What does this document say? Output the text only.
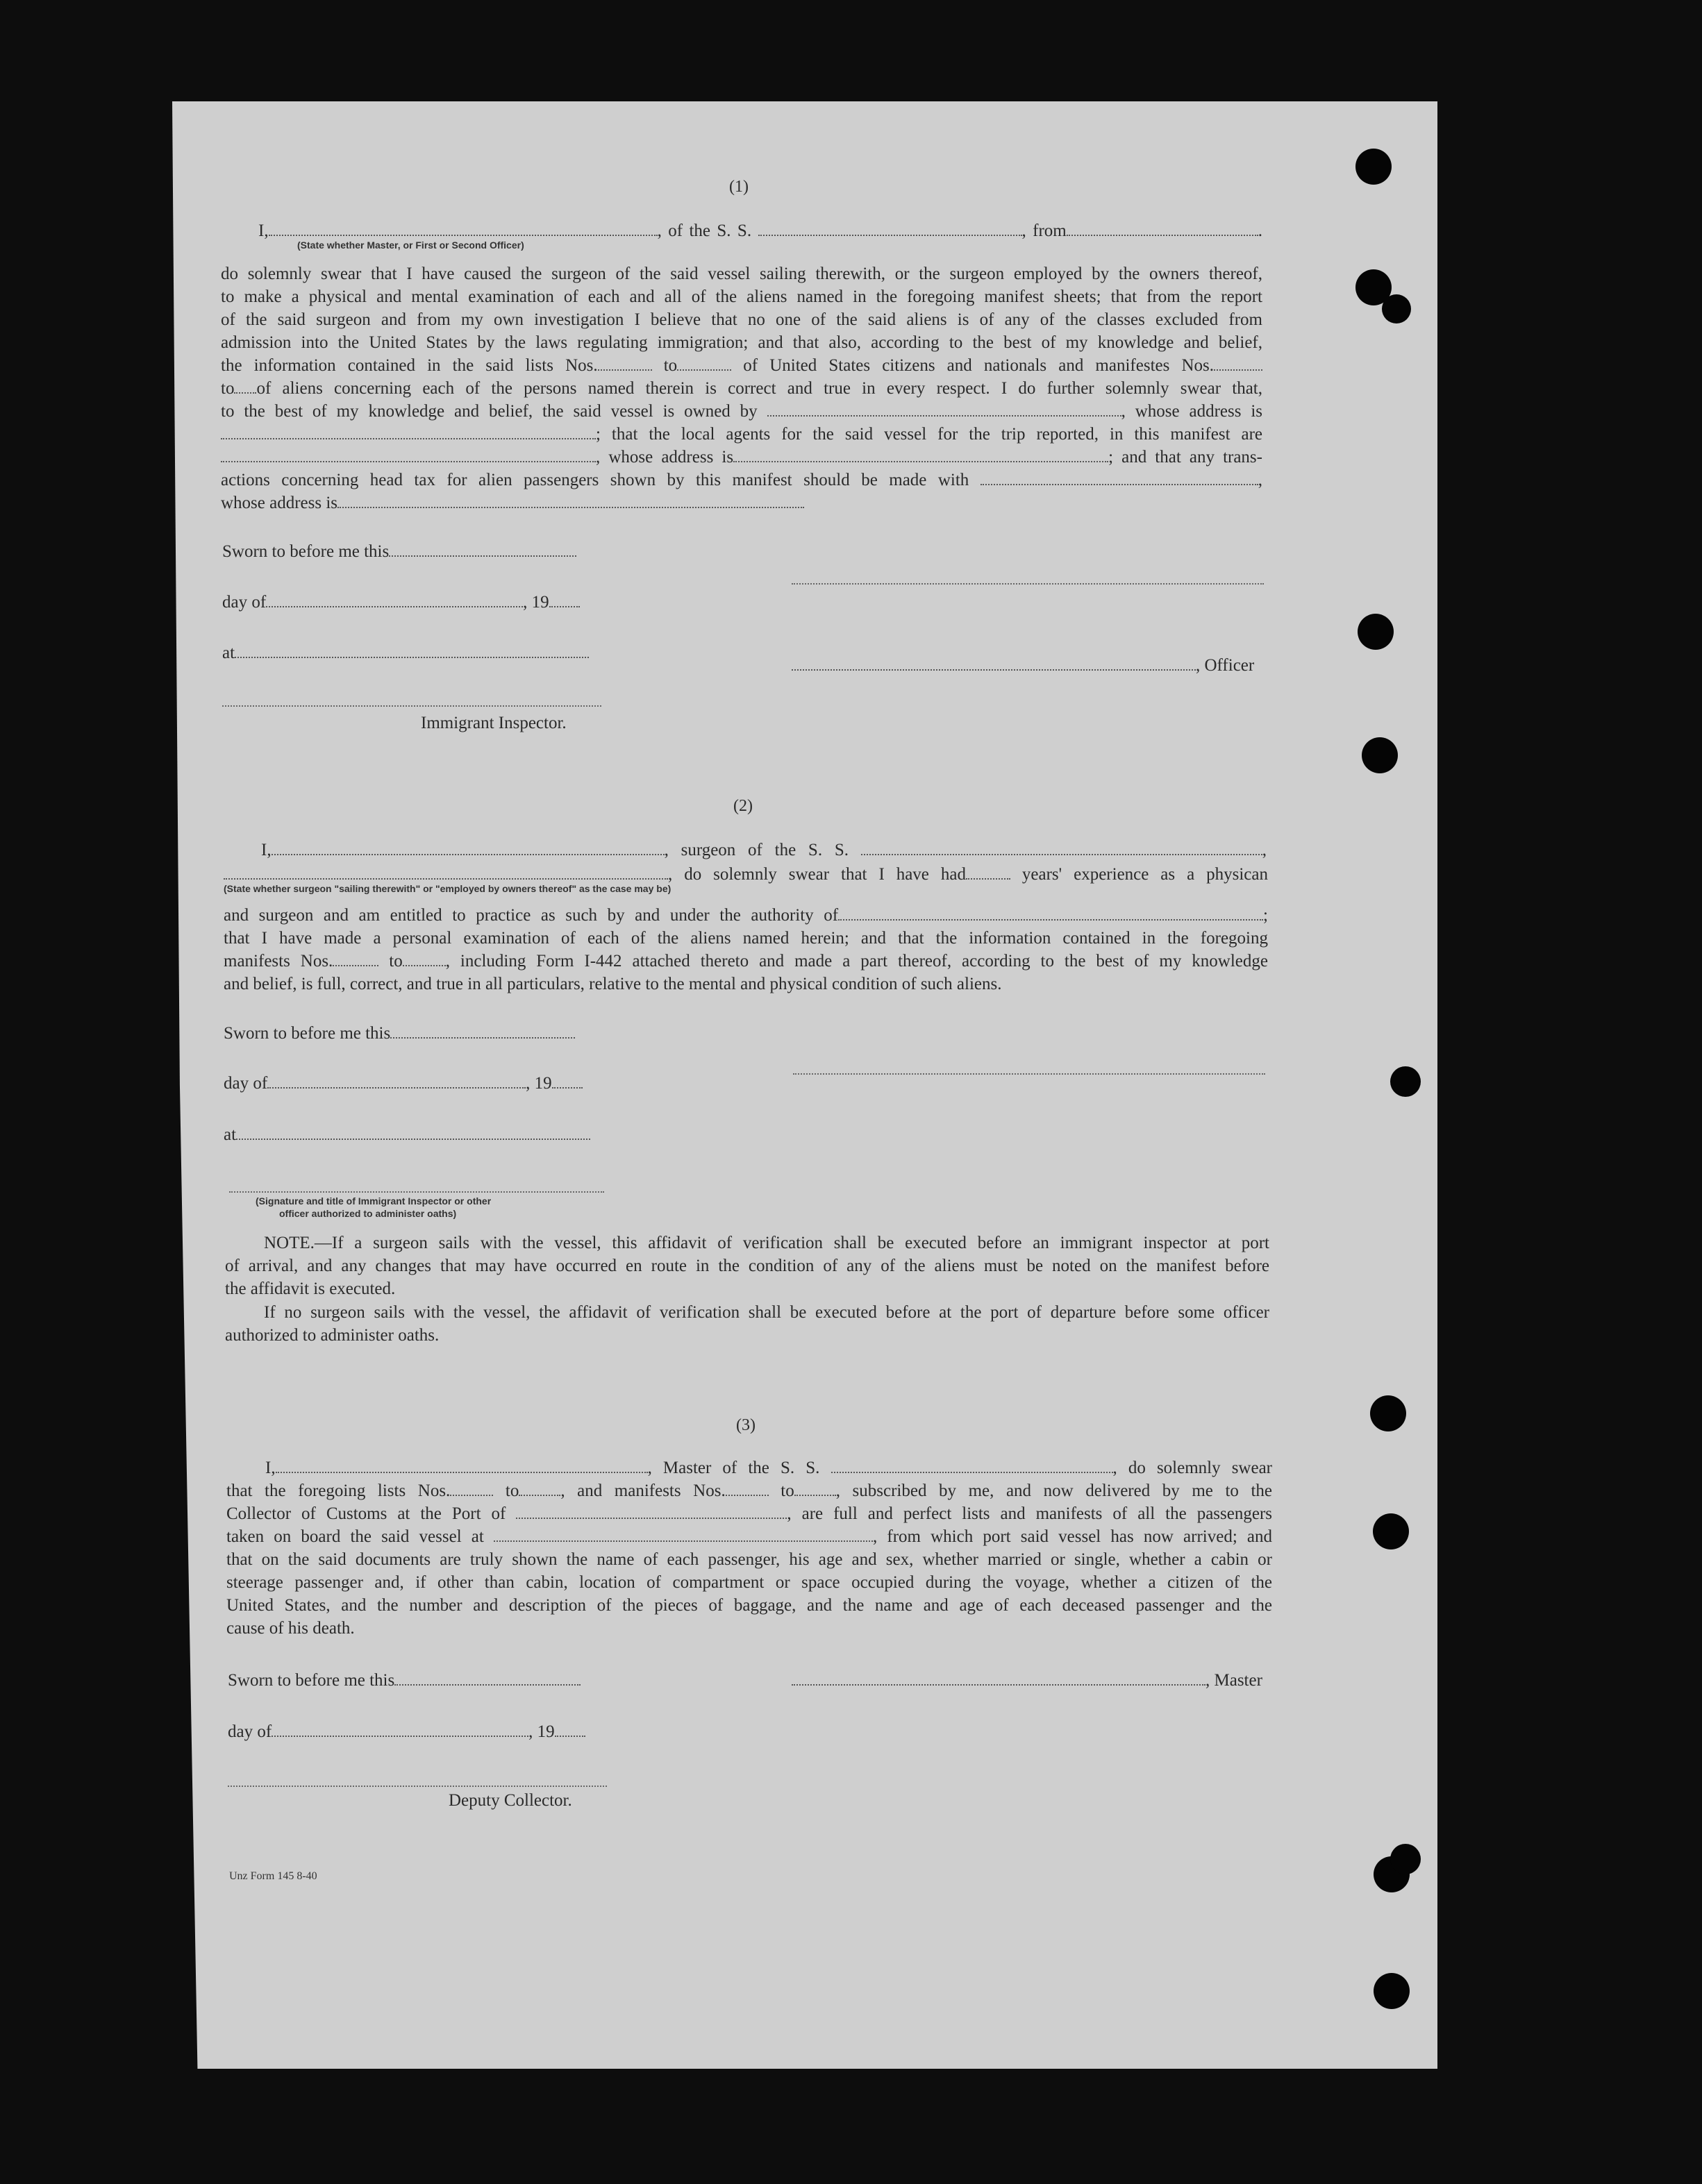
(1)
I,	, of the S. S.	, from	.
(State whether Master, or First or Second Officer)
do solemnly swear that I have caused the surgeon of the said vessel sailing therewith, or the surgeon employed by the owners thereof,
to make a physical and mental examination of each and all of the aliens named in the foregoing manifest sheets; that from the report
of the said surgeon and from my own investigation I believe that no one of the said aliens is of any of the classes excluded from
admission into the United States by the laws regulating immigration; and that also, according to the best of my knowledge and belief,
the information contained in the said lists Nos.	to	of United States citizens and nationals and manifestes Nos.
to of aliens concerning each of the persons named therein is correct and true in every respect. I do further solemnly swear that,
to the best of my knowledge and belief, the said vessel is owned by	, whose address is
; that the local agents for the said vessel for the trip reported, in this manifest are
, whose address is	; and that any trans-
actions concerning head tax for alien passengers shown by this manifest should be made with	,
whose address is
Sworn to before me this
day of	, 19
at
, Officer
Immigrant Inspector.
(2)
I,	, surgeon of the S. S.	,
, do solemnly swear that I have had	years' experience as a physican
(State whether surgeon "sailing therewith" or "employed by owners thereof" as the case may be)
and surgeon and am entitled to practice as such by and under the authority of	;
that I have made a personal examination of each of the aliens named herein; and that the information contained in the foregoing
manifests Nos.	to , including Form I-442 attached thereto and made a part thereof, according to the best of my knowledge
and belief, is full, correct, and true in all particulars, relative to the mental and physical condition of such aliens.
Sworn to before me this
day of	, 19
at
(Signature and title of Immigrant Inspector or other
officer authorized to administer oaths)
NOTE.—If a surgeon sails with the vessel, this affidavit of verification shall be executed before an immigrant inspector at port
of arrival, and any changes that may have occurred en route in the condition of any of the aliens must be noted on the manifest before
the affidavit is executed.
If no surgeon sails with the vessel, the affidavit of verification shall be executed before at the port of departure before some officer
authorized to administer oaths.
(3)
I,	, Master of the S. S.	, do solemnly swear
that the foregoing lists Nos.	to , and manifests Nos.	to , subscribed by me, and now delivered by me to the
Collector of Customs at the Port of	, are full and perfect lists and manifests of all the passengers
taken on board the said vessel at	, from which port said vessel has now arrived; and
that on the said documents are truly shown the name of each passenger, his age and sex, whether married or single, whether a cabin or
steerage passenger and, if other than cabin, location of compartment or space occupied during the voyage, whether a citizen of the
United States, and the number and description of the pieces of baggage, and the name and age of each deceased passenger and the
cause of his death.
Sworn to before me this	, Master
day of	, 19
Deputy Collector.
Unz Form 145 8-40
